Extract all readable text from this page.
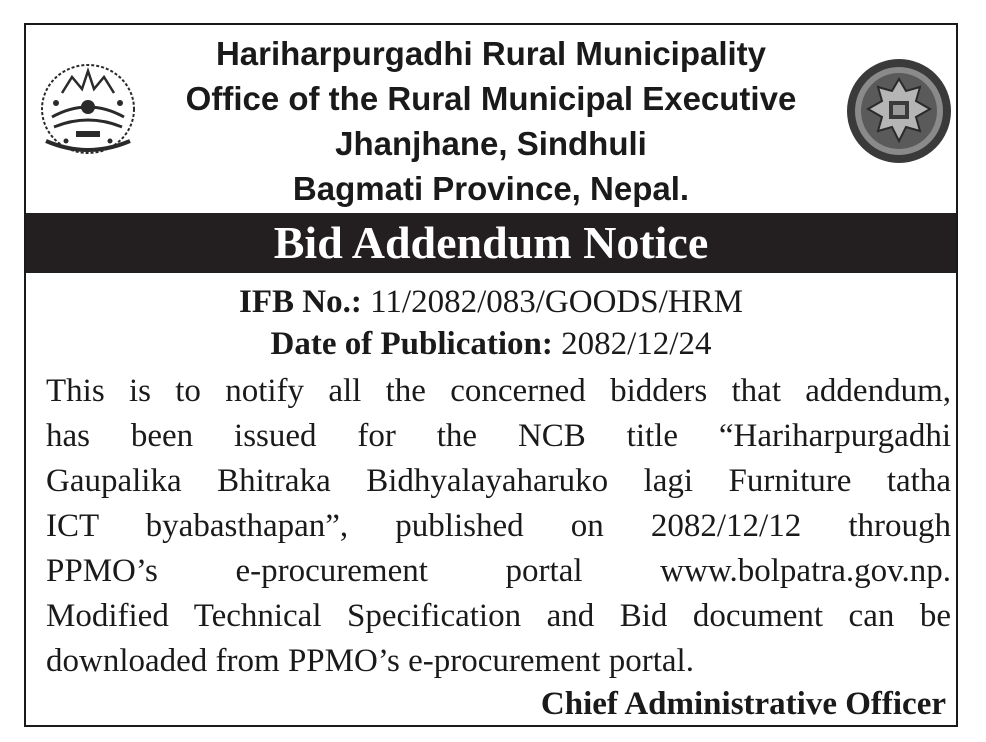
Hariharpurgadhi Rural Municipality
Office of the Rural Municipal Executive
Jhanjhane, Sindhuli
Bagmati Province, Nepal.
Bid Addendum Notice
IFB No.: 11/2082/083/GOODS/HRM
Date of Publication: 2082/12/24
This is to notify all the concerned bidders that addendum,
has been issued for the NCB title “Hariharpurgadhi
Gaupalika Bhitraka Bidhyalayaharuko lagi Furniture tatha
ICT byabasthapan”, published on 2082/12/12 through
PPMO’s e-procurement portal www.bolpatra.gov.np.
Modified Technical Specification and Bid document can be
downloaded from PPMO’s e-procurement portal.
Chief Administrative Officer
